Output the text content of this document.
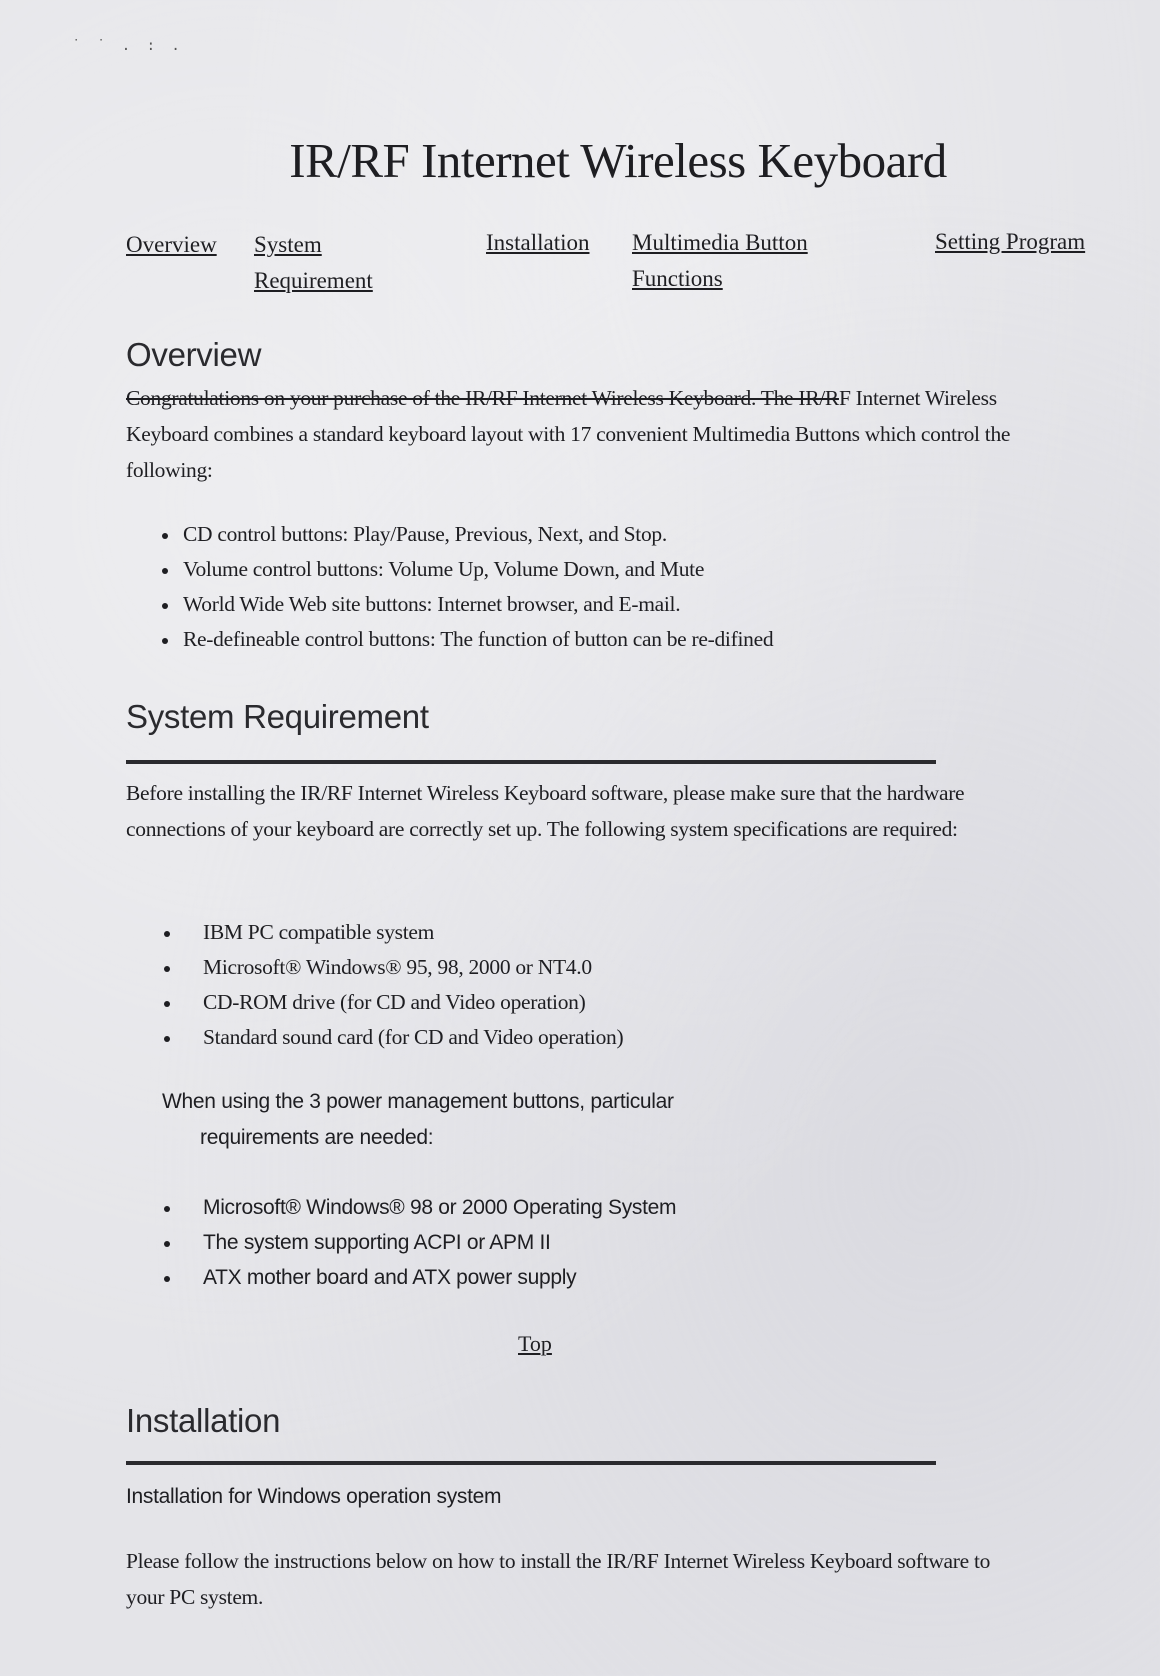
˙ ˙ . : .
IR/RF Internet Wireless Keyboard
Overview System
Requirement
Installation Multimedia Button
Functions
Setting Program
Overview

Congratulations on your purchase of the IR/RF Internet Wireless Keyboard. The IR/RF Internet Wireless Keyboard combines a standard keyboard layout with 17 convenient Multimedia Buttons which control the following:

CD control buttons: Play/Pause, Previous, Next, and Stop.
Volume control buttons: Volume Up, Volume Down, and Mute
World Wide Web site buttons: Internet browser, and E-mail.
Re-defineable control buttons: The function of button can be re-difined
System Requirement

Before installing the IR/RF Internet Wireless Keyboard software, please make sure that the hardware connections of your keyboard are correctly set up. The following system specifications are required:

IBM PC compatible system
Microsoft® Windows® 95, 98, 2000 or NT4.0
CD-ROM drive (for CD and Video operation)
Standard sound card (for CD and Video operation)
When using the 3 power management buttons, particular
requirements are needed:
Microsoft® Windows® 98 or 2000 Operating System
The system supporting ACPI or APM II
ATX mother board and ATX power supply
Top
Installation

Installation for Windows operation system

Please follow the instructions below on how to install the IR/RF Internet Wireless Keyboard software to your PC system.
